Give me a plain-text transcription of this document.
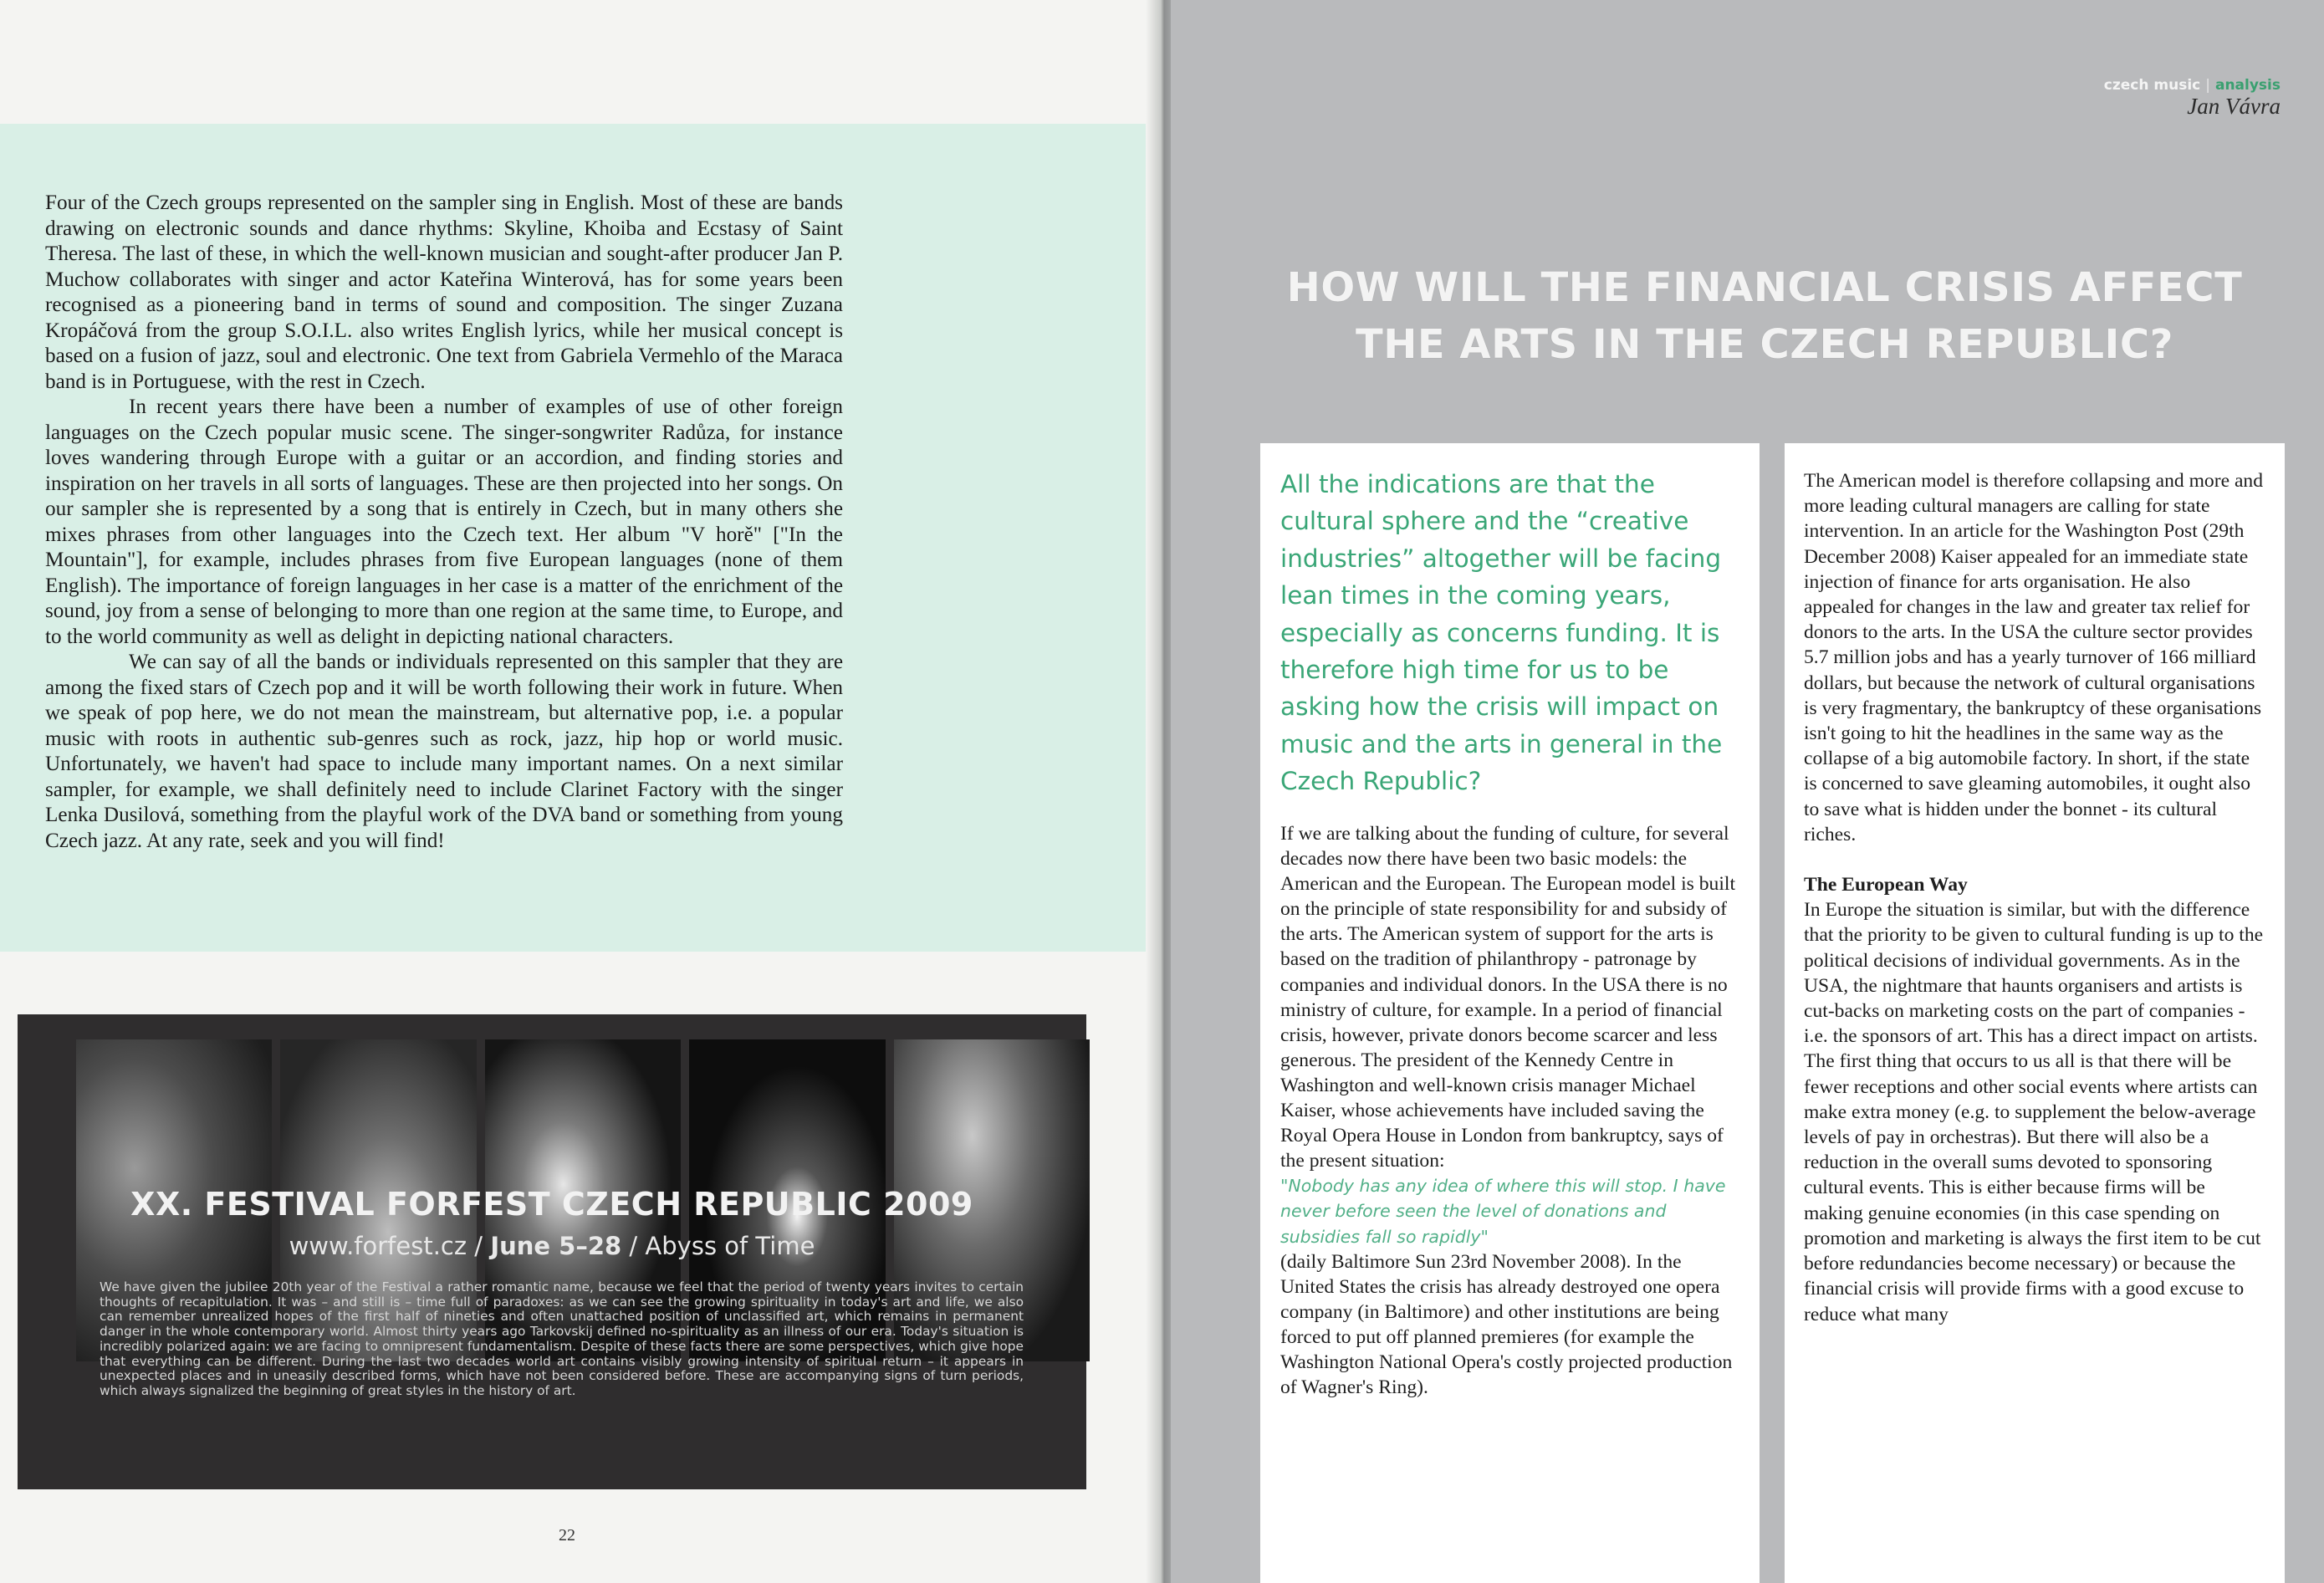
Four of the Czech groups represented on the sampler sing in English. Most of these are bands drawing on electronic sounds and dance rhythms: Skyline, Khoiba and Ecstasy of Saint Theresa. The last of these, in which the well-known musician and sought-after producer Jan P. Muchow collaborates with singer and actor Kateřina Winterová, has for some years been recognised as a pioneering band in terms of sound and composition. The singer Zuzana Kropáčová from the group S.O.I.L. also writes English lyrics, while her musical concept is based on a fusion of jazz, soul and electronic. One text from Gabriela Vermehlo of the Maraca band is in Portuguese, with the rest in Czech.

In recent years there have been a number of examples of use of other foreign languages on the Czech popular music scene. The singer-songwriter Radůza, for instance loves wandering through Europe with a guitar or an accordion, and finding stories and inspiration on her travels in all sorts of languages. These are then projected into her songs. On our sampler she is represented by a song that is entirely in Czech, but in many others she mixes phrases from other languages into the Czech text. Her album "V horě" ["In the Mountain"], for example, includes phrases from five European languages (none of them English). The importance of foreign languages in her case is a matter of the enrichment of the sound, joy from a sense of belonging to more than one region at the same time, to Europe, and to the world community as well as delight in depicting national characters.

We can say of all the bands or individuals represented on this sampler that they are among the fixed stars of Czech pop and it will be worth following their work in future. When we speak of pop here, we do not mean the mainstream, but alternative pop, i.e. a popular music with roots in authentic sub-genres such as rock, jazz, hip hop or world music. Unfortunately, we haven't had space to include many important names. On a next similar sampler, for example, we shall definitely need to include Clarinet Factory with the singer Lenka Dusilová, something from the playful work of the DVA band or something from young Czech jazz. At any rate, seek and you will find!

XX. FESTIVAL FORFEST CZECH REPUBLIC 2009
www.forfest.cz / June 5–28 / Abyss of Time
We have given the jubilee 20th year of the Festival a rather romantic name, because we feel that the period of twenty years invites to certain thoughts of recapitulation. It was – and still is – time full of paradoxes: as we can see the growing spirituality in today's art and life, we also can remember unrealized hopes of the first half of nineties and often unattached position of unclassified art, which remains in permanent danger in the whole contemporary world. Almost thirty years ago Tarkovskij defined no-spirituality as an illness of our era. Today's situation is incredibly polarized again: we are facing to omnipresent fundamentalism. Despite of these facts there are some perspectives, which give hope that everything can be different. During the last two decades world art contains visibly growing intensity of spiritual return – it appears in unexpected places and in uneasily described forms, which have not been considered before. These are accompanying signs of turn periods, which always signalized the beginning of great styles in the history of art.
22
czech music | analysis
Jan Vávra
HOW WILL THE FINANCIAL CRISIS AFFECT
THE ARTS IN THE CZECH REPUBLIC?
All the indications are that the cultural sphere and the “creative industries” altogether will be facing lean times in the coming years, especially as concerns funding. It is therefore high time for us to be asking how the crisis will impact on music and the arts in general in the Czech Republic?

If we are talking about the funding of culture, for several decades now there have been two basic models: the American and the European. The European model is built on the principle of state responsibility for and subsidy of the arts. The American system of support for the arts is based on the tradition of philanthropy - patronage by companies and individual donors. In the USA there is no ministry of culture, for example. In a period of financial crisis, however, private donors become scarcer and less generous. The president of the Kennedy Centre in Washington and well-known crisis manager Michael Kaiser, whose achievements have included saving the Royal Opera House in London from bankruptcy, says of the present situation:

"Nobody has any idea of where this will stop. I have never before seen the level of donations and subsidies fall so rapidly"

(daily Baltimore Sun 23rd November 2008). In the United States the crisis has already destroyed one opera company (in Baltimore) and other institutions are being forced to put off planned premieres (for example the Washington National Opera's costly projected production of Wagner's Ring).

The American model is therefore collapsing and more and more leading cultural managers are calling for state intervention. In an article for the Washington Post (29th December 2008) Kaiser appealed for an immediate state injection of finance for arts organisation. He also appealed for changes in the law and greater tax relief for donors to the arts. In the USA the culture sector provides 5.7 million jobs and has a yearly turnover of 166 milliard dollars, but because the network of cultural organisations is very fragmentary, the bankruptcy of these organisations isn't going to hit the headlines in the same way as the collapse of a big automobile factory. In short, if the state is concerned to save gleaming automobiles, it ought also to save what is hidden under the bonnet - its cultural riches.

The European Way

In Europe the situation is similar, but with the difference that the priority to be given to cultural funding is up to the political decisions of individual governments. As in the USA, the nightmare that haunts organisers and artists is cut-backs on marketing costs on the part of companies - i.e. the sponsors of art. This has a direct impact on artists. The first thing that occurs to us all is that there will be fewer receptions and other social events where artists can make extra money (e.g. to supplement the below-average levels of pay in orchestras). But there will also be a reduction in the overall sums devoted to sponsoring cultural events. This is either because firms will be making genuine economies (in this case spending on promotion and marketing is always the first item to be cut before redundancies become necessary) or because the financial crisis will provide firms with a good excuse to reduce what many
